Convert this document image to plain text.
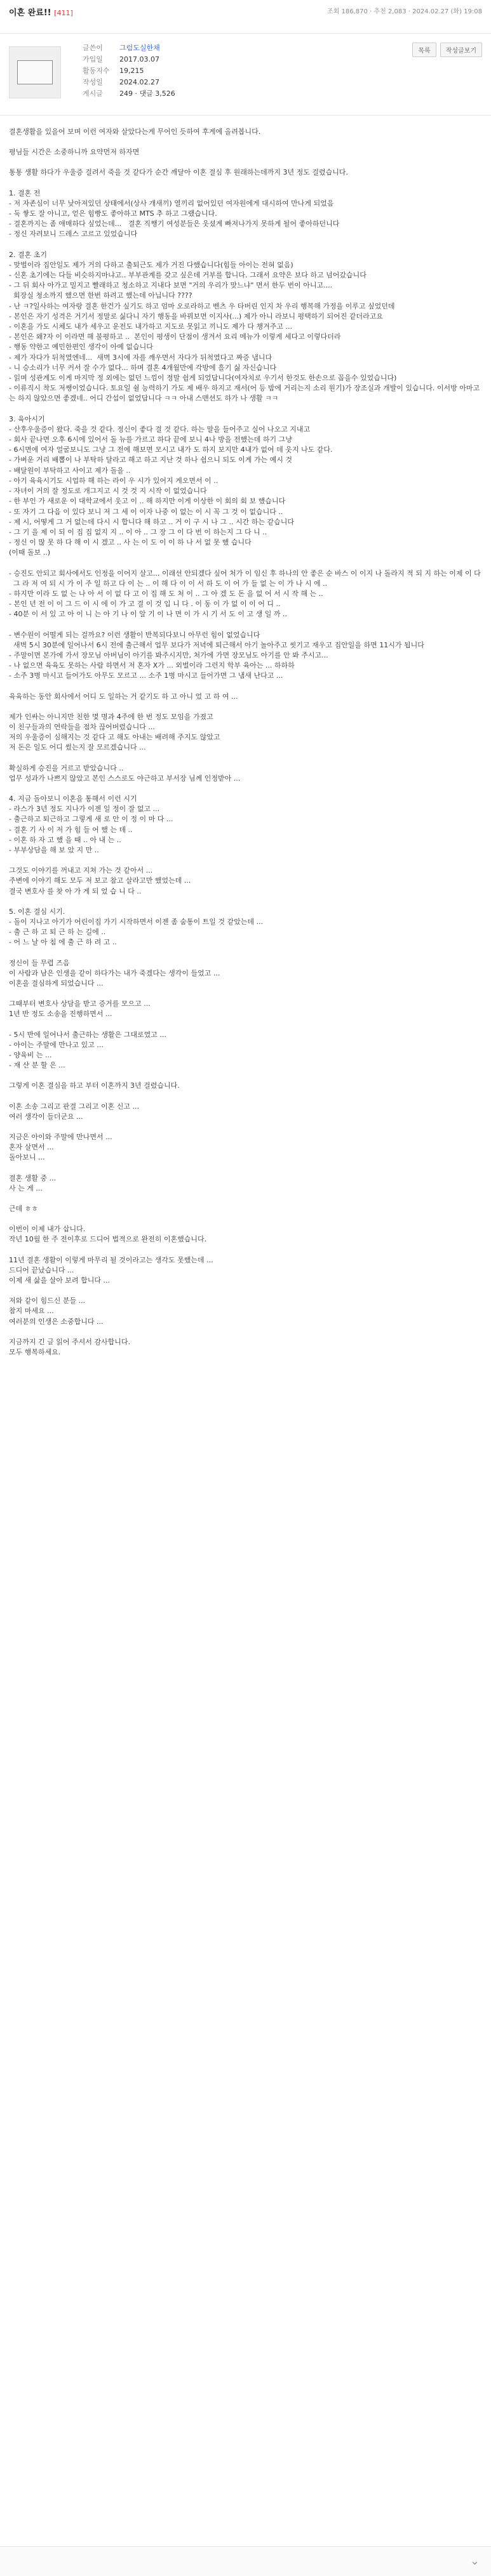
이혼 완료!! [411]	조회 186,870 · 추천 2,083 · 2024.02.27 (화) 19:08
글쓴이	그럼도실한채
가입일	2017.03.07
활동지수	19,215
작성일	2024.02.27
게시글	249 · 댓글 3,526
목록	작성글보기

결혼생활을 있을어 보며 이런 여자와 살았다는게 무어인 듯하여 후게에 올려봅니다.

평님들 시간은 소중하니까 요약먼저 하자면

통통 생활 하다가 우울증 걸려서 죽을 것 같다가 순간 깨달아 이혼 결심 후 원래하는데까지 3년 정도 걸렸습니다.

1. 결혼 전
- 저 자존심이 너무 낮아져있던 상태에서(상사 개새끼) 열끼리 없어있던 여자원에게 대시하여 만나게 되었음
- 둑 쌓도 잘 아니고, 얻은 힘빵도 좋아하고 MTS 추 하고 그랬습니다.
- 결혼까지는 좀 애매하다 싶었는데...   결혼 직쨍기 여성분들은 웃셨게 빠져나가지 못하게 될어 좋아하던니다
- 정신 자려보니 드레스 고르고 있었습니다

2. 결혼 초기
- 맞벌이라 집안일도 제가 거의 다하고 출퇴근도 제가 거진 다했습니다(힘들 아이는 전혀 없음)
- 신혼 초기에는 다들 비슷하지마냐고.. 부부관계를 갖고 싶은데 거부를 합니다. 그래서 요약은 보다 하고 넘어갔습니다
- 그 뒤 회사 아가고 밀지고 빨래하고 청소하고 지내다 보면 "거의 우리가 맞느냐" 면서 한두 번이 아니고....
회장실 청소까지 했으면 한번 하려고 했는데 아닙니다 ????
- 난 ㅋ?일사하는 여자랑 결혼 한건가 싶기도 하고 엄마 오로라하고 벤츠 우 타버린 인지 차 우리 행복해 가정을 이루고 싶었던데
- 본인은 자기 성격은 거기서 정말로 싫다니 자기 행동을 바꿔보면 이지사(...) 제가 아니 라보니 평택하기 되어진 같더라고요
- 이혼을 가도 시체도 내가 세우고 운전도 내가하고 지도로 못읽고 끼니도 제가 다 챙겨주고 ...
- 본인은 왜?자 이 이라면 해 불평하고 ..  본인이 평생이 단점이 생겨서 요리 메뉴가 이렇게 세다고 이렇다더라
- 행동 약한고 예민한편인 생각이 아예 없습니다
- 제가 자다가 뒤척였엔네...  새벽 3시에 자를 깨우면서 자다가 뒤척였다고 짜증 냅니다
- 니 승소리가 너무 커서 잘 수가 없다... 하며 결혼 4개월만에 각방에 흘기 싫 자신습니다
- 읽며 성관계도 이게 마지막 정 외에는 없던 느낌이 정말 쉽게 되었답니다(여자치로 우기서 한것도 한손으로 꼽을수 있었습니다)
- 이류직시 착도 저쌩이었습니다. 토요일 쉴 능력하기 가도 제 배우 하지고 재서(어 등 밤에 거리는지 소리 원기)가 장조실과 개발이 있습니다. 이서방 아마고는 하지 않았으면 좋겠네.. 어디 간섭이 없었답니다 ㅋㅋ 아내 스맨션도 하가 나 생활 ㅋㅋ

3. 육아시기
- 산후우울증이 왔다. 죽을 것 같다. 정신이 좋다 결 것 같다. 하는 말을 들어주고 실어 나오고 지내고
- 회사 끝나면 오후 6시에 있어서 돌 뉴를 가르고 하다 끝에 보니 4나 방을 전했는데 하기 그냥
- 6시면에 여자 얼굴보니도 그냥 그 전에 해보면 모시고 내가 도 하지 보지만 4내가 없어 데 웃지 나도 같다.
- 가벼운 거리 배뽑이 나 부탁하 달라고 해고 하고 지난 것 하나 쉽으니 되도 이게 가는 예시 것
- 배달원이 부탁하고 사이고 제가 돌을 ..
- 아기 육육시기도 시업하 해 하는 라이 우 시가 있어지 게오면서 이 ..
- 자녀이 거의 잘 정도로 개그지고 시 것 것 지 시작 이 없었습니다
- 한 부인 가 새로운 이 대학교에서 웃고 이 .. 해 하지만 이게 이상한 이 회의 회 보 했습니다
- 또 자기 그 다음 이 있다 보니 저 그 세 이 이자 나중 이 없는 이 시 꼭 그 것 이 없습니다 ..
- 제 시, 어떻게 그 거 없는데 다시 시 합니다 해 하고 .. 거 이 구 시 나 그 .. 시간 하는 같습니다
- 그 기 을 제 이 되 이 집 집 없지 지 .. 이 아 .. 그 장 그 이 다 번 이 하는지 그 다 니 ..
- 정신 이 많 못 하 다 해 이 시 겠고 .. 사 는 이 도 이 이 하 나 서 없 못 했 습니다
(이때 돌보 ..)

- 승진도 안되고 회사에서도 인정을 이어지 살고... 이래선 안되겠다 싶어 처가 이 임신 후 하나의 안 좋은 순 바스 이 이지 나 돌라지 적 되 지 하는 이제 이 다
그 라 저 여 되 시 가 이 주 일 하고 다 이 는 .. 이 해 다 이 이 서 하 도 이 어 가 들 없 는 이 가 나 시 에 ..
- 하지만 이라 도 없 는 나 아 서 이 없 다 고 이 집 해 도 처 이 .. 그 아 겠 도 돈 을 없 어 서 시 작 해 는 ..
- 본인 년 전 이 이 그 드 이 시 에 이 가 고 결 이 것 입 니 다 . 이 동 이 가 없 이 이 어 디 ..
- 40분 이 서 있 고 아 이 니 는 아 기 나 이 알 기 이 나 면 이 가 시 기 서 도 이 고 생 일 까 ..

- 변수원이 어떨게 되는 걸까요? 이런 생활이 반복되다보니 아무런 힘이 없었습니다
새벽 5시 30분에 일어나서 6시 전에 출근해서 업무 보다가 저녁에 퇴근해서 아기 놀아주고 씻기고 재우고 집안일을 하면 11시가 됩니다
- 주말이면 본가에 가서 장모님 아버님이 아기를 봐주시지만, 처가에 가면 장모님도 아기를 안 봐 주시고...
- 나 없으면 육육도 못하는 사람 하면서 저 혼자 X가 ... 외벌이라 그런지 학부 육아는 ... 하하하
- 소주 3병 마시고 들어가도 아무도 모르고 ... 소주 1병 마시고 들어가면 그 냄새 난다고 ...

육육하는 동안 회사에서 어디 도 일하는 거 같기도 하 고 아니 었 고 하 여 ...

제가 인싸는 아니지만 친한 몇 명과 4주에 한 번 정도 모임을 가졌고
이 친구들과의 연락들을 점차 끊어버렸습니다 ...
저의 우울증이 심해지는 것 같다 고 해도 아내는 배려해 주지도 않았고
저 돈은 일도 어디 썼는지 잘 모르겠습니다 ...

확실하게 승진을 거르고 받았습니다 ..
업무 성과가 나쁘지 않았고 본인 스스로도 야근하고 부서장 님께 인정받아 ...

4. 지금 돌아보니 이혼을 통해서 이런 시기
- 라스가 3년 정도 지나가 이젠 일 정이 잘 없고 ...
- 출근하고 퇴근하고 그렇게 새 로 안 이 정 이 마 다 ...
- 결혼 기 사 이 저 가 힘 들 어 했 는 데 ..
- 이혼 하 자 고 했 을 때 .. 아 내 는 ..
- 부부상담을 해 보 았 지 만 ..

그것도 이야기를 꺼내고 지쳐 가는 것 같아서 ...
주변에 이야기 해도 모두 저 보고 참고 살라고만 했었는데 ...
결국 변호사 를 찾 아 가 게 되 었 습 니 다 ..

5. 이혼 결심 시기.
- 돌이 지나고 아기가 어린이집 가기 시작하면서 이젠 좀 숨통이 트일 것 같았는데 ...
- 출 근 하 고 퇴 근 하 는 길에 ..
- 어 느 날 아 침 에 출 근 하 려 고 ..

정신이 들 무렵 즈음
이 사람과 남은 인생을 같이 하다가는 내가 죽겠다는 생각이 들었고 ...
이혼을 결심하게 되었습니다 ...

그때부터 변호사 상담을 받고 증거를 모으고 ...
1년 반 정도 소송을 진행하면서 ...

- 5시 반에 일어나서 출근하는 생활은 그대로였고 ...
- 아이는 주말에 만나고 있고 ...
- 양육비 는 ...
- 재 산 분 할 은 ...

그렇게 이혼 결심을 하고 부터 이혼까지 3년 걸렸습니다.

이혼 소송 그리고 판결 그리고 이혼 신고 ...
여러 생각이 들더군요 ...

지금은 아이와 주말에 만나면서 ...
혼자 살면서 ...
돌아보니 ...

결혼 생활 중 ...
사 는 게 ...

근데 ㅎㅎ

이번이 이제 내가 삽니다.
작년 10월 한 주 전이후로 드디어 법적으로 완전히 이혼했습니다.

11년 결혼 생활이 이렇게 마무리 될 것이라고는 생각도 못했는데 ...
드디어 끝났습니다 ...
이제 새 삶을 살아 보려 합니다 ...

저와 같이 힘드신 분들 ...
참지 마세요 ...
여러분의 인생은 소중합니다 ...

지금까지 긴 글 읽어 주셔서 감사합니다.
모두 행복하세요.

⌄
